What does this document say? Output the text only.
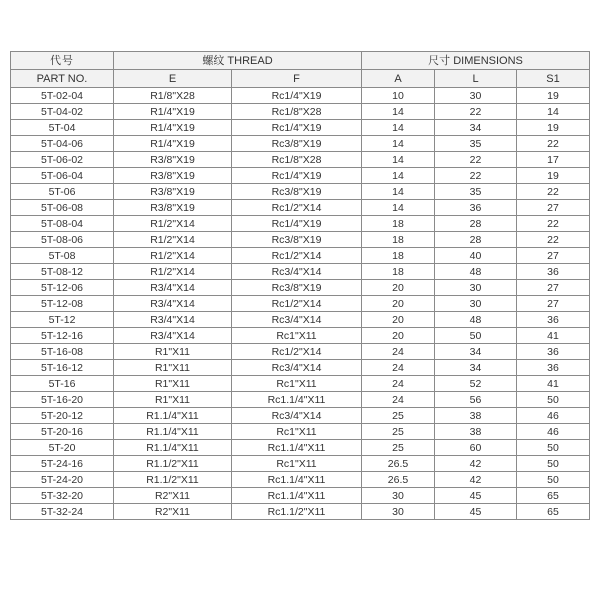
代号	螺纹 THREAD		尺寸 DIMENSIONS		
PART NO.	E	F	A	L	S1
5T-02-04	R1/8"X28	Rc1/4"X19	10	30	19
5T-04-02	R1/4"X19	Rc1/8"X28	14	22	14
5T-04	R1/4"X19	Rc1/4"X19	14	34	19
5T-04-06	R1/4"X19	Rc3/8"X19	14	35	22
5T-06-02	R3/8"X19	Rc1/8"X28	14	22	17
5T-06-04	R3/8"X19	Rc1/4"X19	14	22	19
5T-06	R3/8"X19	Rc3/8"X19	14	35	22
5T-06-08	R3/8"X19	Rc1/2"X14	14	36	27
5T-08-04	R1/2"X14	Rc1/4"X19	18	28	22
5T-08-06	R1/2"X14	Rc3/8"X19	18	28	22
5T-08	R1/2"X14	Rc1/2"X14	18	40	27
5T-08-12	R1/2"X14	Rc3/4"X14	18	48	36
5T-12-06	R3/4"X14	Rc3/8"X19	20	30	27
5T-12-08	R3/4"X14	Rc1/2"X14	20	30	27
5T-12	R3/4"X14	Rc3/4"X14	20	48	36
5T-12-16	R3/4"X14	Rc1"X11	20	50	41
5T-16-08	R1"X11	Rc1/2"X14	24	34	36
5T-16-12	R1"X11	Rc3/4"X14	24	34	36
5T-16	R1"X11	Rc1"X11	24	52	41
5T-16-20	R1"X11	Rc1.1/4"X11	24	56	50
5T-20-12	R1.1/4"X11	Rc3/4"X14	25	38	46
5T-20-16	R1.1/4"X11	Rc1"X11	25	38	46
5T-20	R1.1/4"X11	Rc1.1/4"X11	25	60	50
5T-24-16	R1.1/2"X11	Rc1"X11	26.5	42	50
5T-24-20	R1.1/2"X11	Rc1.1/4"X11	26.5	42	50
5T-32-20	R2"X11	Rc1.1/4"X11	30	45	65
5T-32-24	R2"X11	Rc1.1/2"X11	30	45	65
